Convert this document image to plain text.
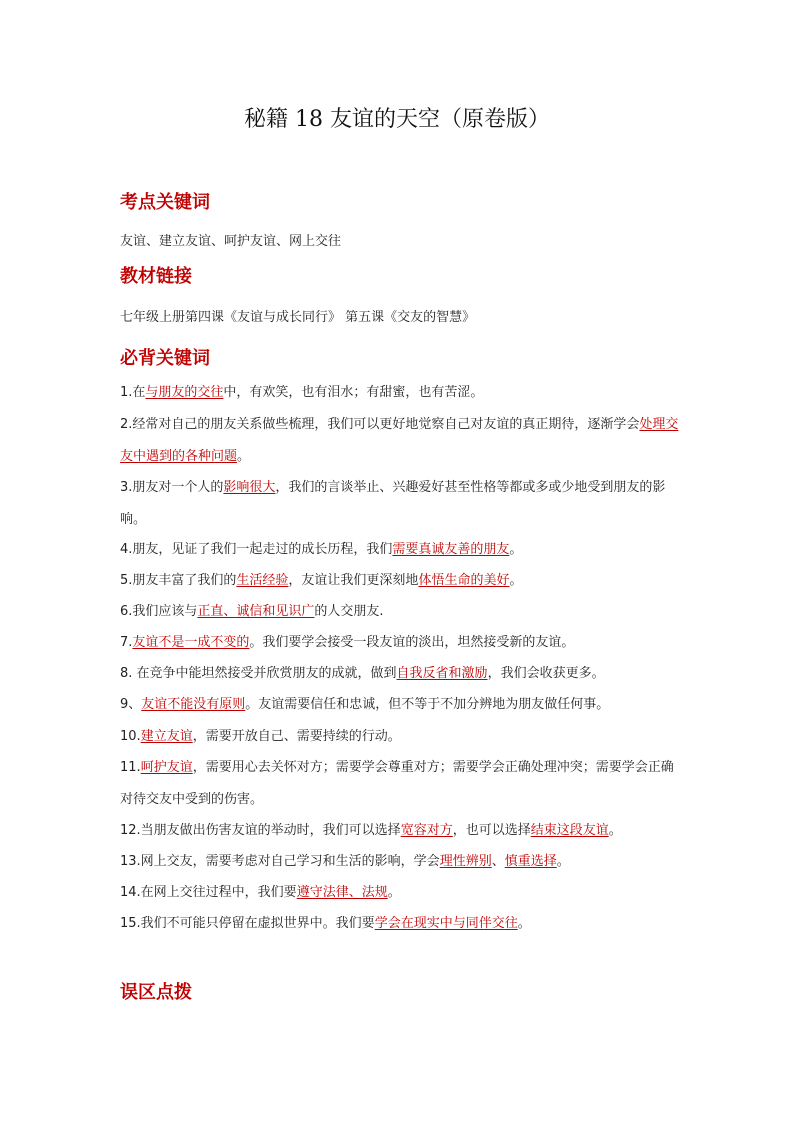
秘籍 18 友谊的天空（原卷版）
考点关键词

友谊、建立友谊、呵护友谊、网上交往

教材链接

七年级上册第四课《友谊与成长同行》 第五课《交友的智慧》

必背关键词

1.在与朋友的交往中，有欢笑，也有泪水；有甜蜜，也有苦涩。

2.经常对自己的朋友关系做些梳理，我们可以更好地觉察自己对友谊的真正期待，逐渐学会处理交友中遇到的各种问题。

3.朋友对一个人的影响很大，我们的言谈举止、兴趣爱好甚至性格等都或多或少地受到朋友的影响。

4.朋友，见证了我们一起走过的成长历程，我们需要真诚友善的朋友。

5.朋友丰富了我们的生活经验，友谊让我们更深刻地体悟生命的美好。

6.我们应该与正直、诚信和见识广的人交朋友.

7.友谊不是一成不变的。我们要学会接受一段友谊的淡出，坦然接受新的友谊。

8. 在竞争中能坦然接受并欣赏朋友的成就，做到自我反省和激励，我们会收获更多。

9、友谊不能没有原则。友谊需要信任和忠诚，但不等于不加分辨地为朋友做任何事。

10.建立友谊，需要开放自己、需要持续的行动。

11.呵护友谊，需要用心去关怀对方；需要学会尊重对方；需要学会正确处理冲突；需要学会正确对待交友中受到的伤害。

12.当朋友做出伤害友谊的举动时，我们可以选择宽容对方，也可以选择结束这段友谊。

13.网上交友，需要考虑对自己学习和生活的影响，学会理性辨别、慎重选择。

14.在网上交往过程中，我们要遵守法律、法规。

15.我们不可能只停留在虚拟世界中。我们要学会在现实中与同伴交往。

误区点拨
